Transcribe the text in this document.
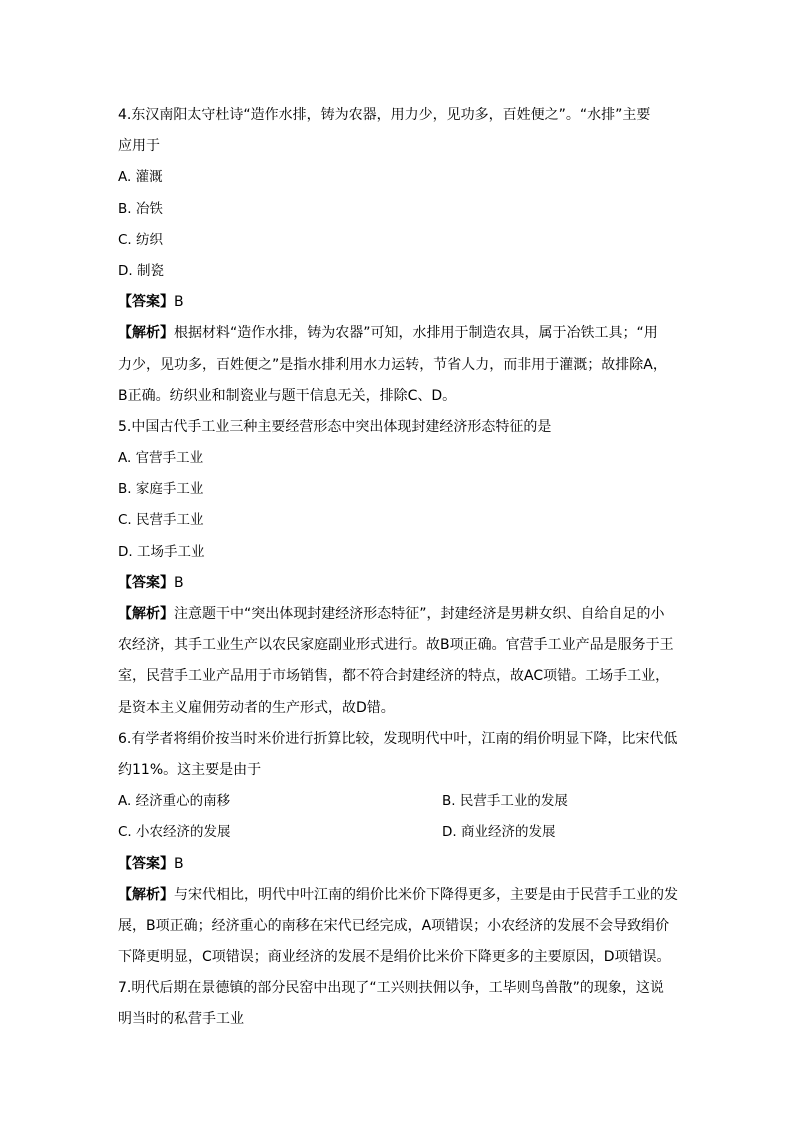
4.东汉南阳太守杜诗“造作水排，铸为农器，用力少，见功多，百姓便之”。“水排”主要
应用于
A. 灌溉
B. 冶铁
C. 纺织
D. 制瓷
【答案】B
【解析】根据材料“造作水排，铸为农器”可知，水排用于制造农具，属于冶铁工具；“用
力少，见功多，百姓便之”是指水排利用水力运转，节省人力，而非用于灌溉；故排除A，
B正确。纺织业和制瓷业与题干信息无关，排除C、D。
5.中国古代手工业三种主要经营形态中突出体现封建经济形态特征的是
A. 官营手工业
B. 家庭手工业
C. 民营手工业
D. 工场手工业
【答案】B
【解析】注意题干中“突出体现封建经济形态特征”，封建经济是男耕女织、自给自足的小
农经济，其手工业生产以农民家庭副业形式进行。故B项正确。官营手工业产品是服务于王
室，民营手工业产品用于市场销售，都不符合封建经济的特点，故AC项错。工场手工业，
是资本主义雇佣劳动者的生产形式，故D错。
6.有学者将绢价按当时米价进行折算比较，发现明代中叶，江南的绢价明显下降，比宋代低
约11%。这主要是由于
A. 经济重心的南移	B. 民营手工业的发展
C. 小农经济的发展	D. 商业经济的发展
【答案】B
【解析】与宋代相比，明代中叶江南的绢价比米价下降得更多，主要是由于民营手工业的发
展，B项正确；经济重心的南移在宋代已经完成，A项错误；小农经济的发展不会导致绢价
下降更明显，C项错误；商业经济的发展不是绢价比米价下降更多的主要原因，D项错误。
7.明代后期在景德镇的部分民窑中出现了“工兴则扶佣以争，工毕则鸟兽散”的现象，这说
明当时的私营手工业
